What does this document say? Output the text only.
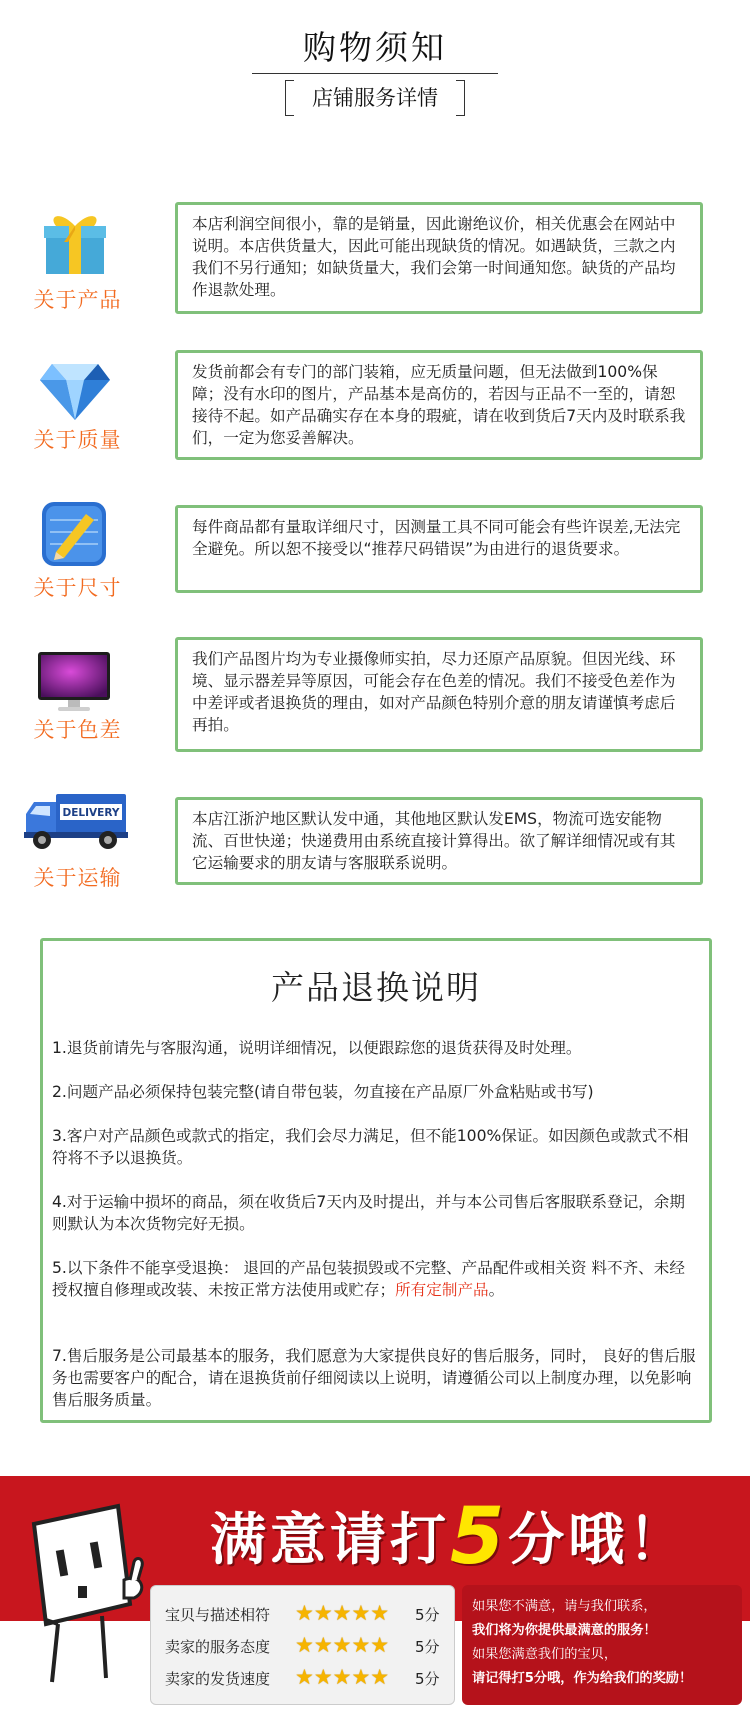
购物须知
店铺服务详情
关于产品
本店利润空间很小，靠的是销量，因此谢绝议价，相关优惠会在网站中说明。本店供货量大，因此可能出现缺货的情况。如遇缺货，三款之内我们不另行通知；如缺货量大，我们会第一时间通知您。缺货的产品均作退款处理。
关于质量
发货前都会有专门的部门装箱，应无质量问题，但无法做到100%保障；没有水印的图片，产品基本是高仿的，若因与正品不一至的，请恕接待不起。如产品确实存在本身的瑕疵，请在收到货后7天内及时联系我们，一定为您妥善解决。
关于尺寸
每件商品都有量取详细尺寸，因测量工具不同可能会有些许误差,无法完全避免。所以恕不接受以“推荐尺码错误”为由进行的退货要求。
关于色差
我们产品图片均为专业摄像师实拍，尽力还原产品原貌。但因光线、环境、显示器差异等原因，可能会存在色差的情况。我们不接受色差作为中差评或者退换货的理由，如对产品颜色特别介意的朋友请谨慎考虑后再拍。
DELIVERY
关于运输
本店江浙沪地区默认发中通，其他地区默认发EMS，物流可选安能物流、百世快递；快递费用由系统直接计算得出。欲了解详细情况或有其它运输要求的朋友请与客服联系说明。
产品退换说明
1.退货前请先与客服沟通，说明详细情况，以便跟踪您的退货获得及时处理。
2.问题产品必须保持包装完整(请自带包装，勿直接在产品原厂外盒粘贴或书写)
3.客户对产品颜色或款式的指定，我们会尽力满足，但不能100%保证。如因颜色或款式不相符将不予以退换货。
4.对于运输中损坏的商品，须在收货后7天内及时提出，并与本公司售后客服联系登记，余期则默认为本次货物完好无损。
5.以下条件不能享受退换： 退回的产品包装损毁或不完整、产品配件或相关资 料不齐、未经授权擅自修理或改装、未按正常方法使用或贮存；所有定制产品。
7.售后服务是公司最基本的服务，我们愿意为大家提供良好的售后服务，同时， 良好的售后服务也需要客户的配合，请在退换货前仔细阅读以上说明，请遵循公司以上制度办理，以免影响售后服务质量。
满意请打5分哦！
宝贝与描述相符 ★★★★★ 5分
卖家的服务态度 ★★★★★ 5分
卖家的发货速度 ★★★★★ 5分
如果您不满意，请与我们联系，
我们将为你提供最满意的服务！
如果您满意我们的宝贝，
请记得打5分哦，作为给我们的奖励！
